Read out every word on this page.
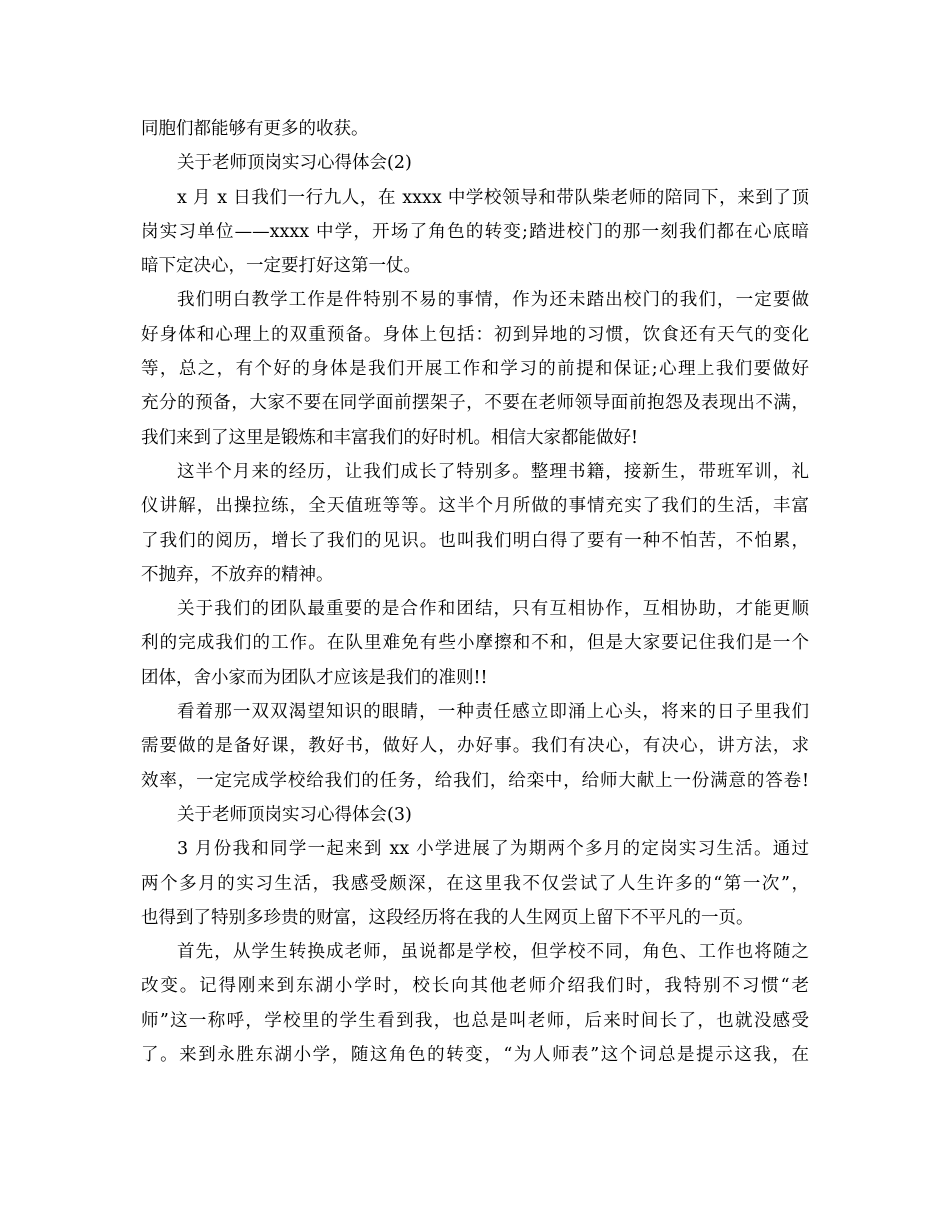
同胞们都能够有更多的收获。
关于老师顶岗实习心得体会(2)
x 月 x 日我们一行九人，在 xxxx 中学校领导和带队柴老师的陪同下，来到了顶
岗实习单位——xxxx 中学，开场了角色的转变;踏进校门的那一刻我们都在心底暗
暗下定决心，一定要打好这第一仗。
我们明白教学工作是件特别不易的事情，作为还未踏出校门的我们，一定要做
好身体和心理上的双重预备。身体上包括：初到异地的习惯，饮食还有天气的变化
等，总之，有个好的身体是我们开展工作和学习的前提和保证;心理上我们要做好
充分的预备，大家不要在同学面前摆架子，不要在老师领导面前抱怨及表现出不满，
我们来到了这里是锻炼和丰富我们的好时机。相信大家都能做好!
这半个月来的经历，让我们成长了特别多。整理书籍，接新生，带班军训，礼
仪讲解，出操拉练，全天值班等等。这半个月所做的事情充实了我们的生活，丰富
了我们的阅历，增长了我们的见识。也叫我们明白得了要有一种不怕苦，不怕累，
不抛弃，不放弃的精神。
关于我们的团队最重要的是合作和团结，只有互相协作，互相协助，才能更顺
利的完成我们的工作。在队里难免有些小摩擦和不和，但是大家要记住我们是一个
团体，舍小家而为团队才应该是我们的准则!!
看着那一双双渴望知识的眼睛，一种责任感立即涌上心头，将来的日子里我们
需要做的是备好课，教好书，做好人，办好事。我们有决心，有决心，讲方法，求
效率，一定完成学校给我们的任务，给我们，给栾中，给师大献上一份满意的答卷!
关于老师顶岗实习心得体会(3)
3 月份我和同学一起来到 xx 小学进展了为期两个多月的定岗实习生活。通过
两个多月的实习生活，我感受颇深，在这里我不仅尝试了人生许多的“第一次”，
也得到了特别多珍贵的财富，这段经历将在我的人生网页上留下不平凡的一页。
首先，从学生转换成老师，虽说都是学校，但学校不同，角色、工作也将随之
改变。记得刚来到东湖小学时，校长向其他老师介绍我们时，我特别不习惯“老
师”这一称呼，学校里的学生看到我，也总是叫老师，后来时间长了，也就没感受
了。来到永胜东湖小学，随这角色的转变，“为人师表”这个词总是提示这我，在
